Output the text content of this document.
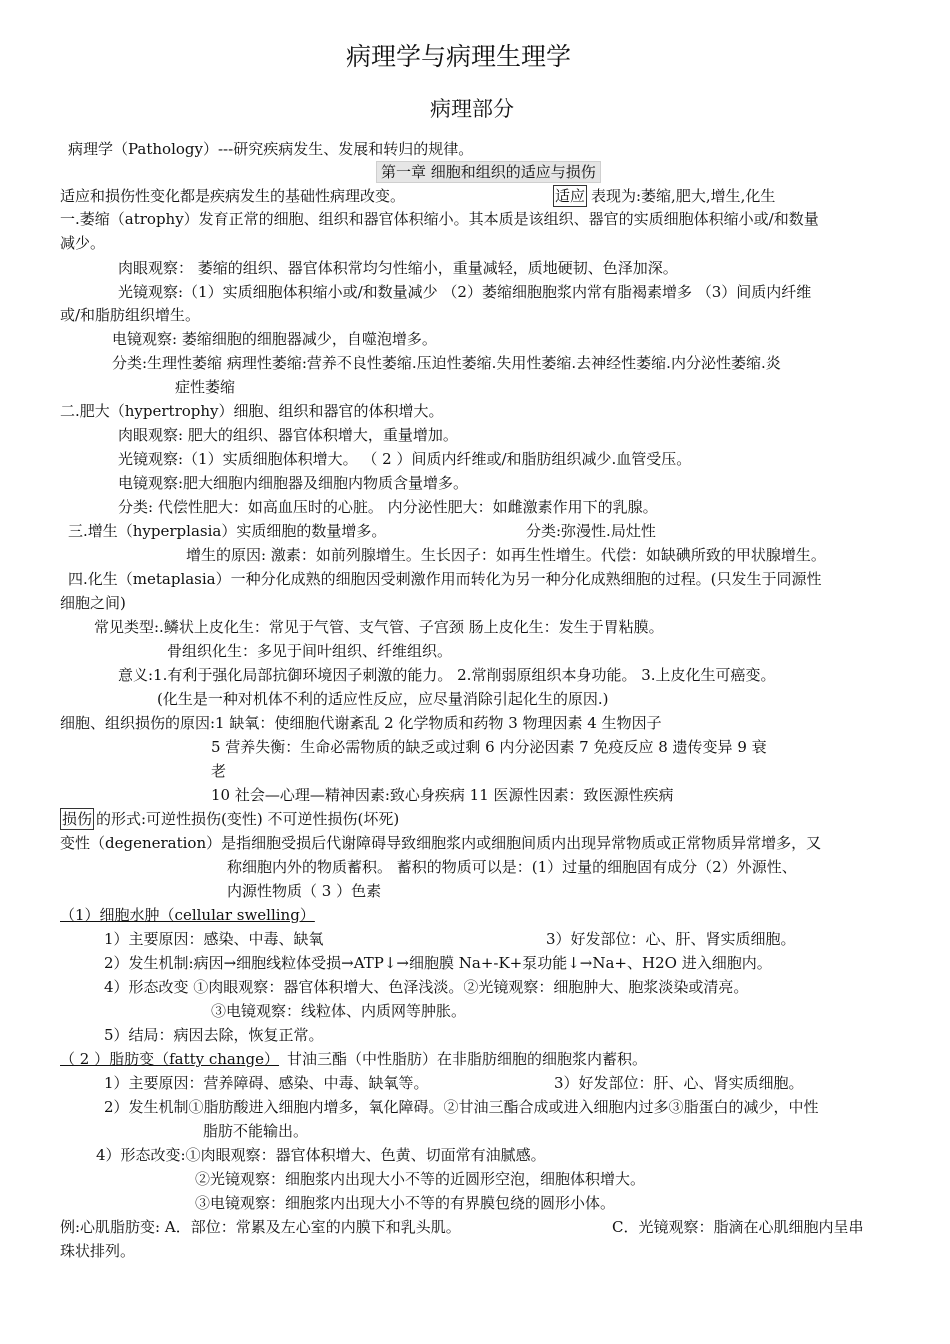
病理学与病理生理学
病理部分
病理学（Pathology）---研究疾病发生、发展和转归的规律。
第一章 细胞和组织的适应与损伤
适应和损伤性变化都是疾病发生的基础性病理改变。	适应 表现为:萎缩,肥大,增生,化生
一.萎缩（atrophy）发育正常的细胞、组织和器官体积缩小。其本质是该组织、器官的实质细胞体积缩小或/和数量
减少。
肉眼观察： 萎缩的组织、器官体积常均匀性缩小，重量减轻，质地硬韧、色泽加深。
光镜观察:（1）实质细胞体积缩小或/和数量减少 （2）萎缩细胞胞浆内常有脂褐素增多 （3）间质内纤维
或/和脂肪组织增生。
电镜观察: 萎缩细胞的细胞器减少，自噬泡增多。
分类:生理性萎缩 病理性萎缩:营养不良性萎缩.压迫性萎缩.失用性萎缩.去神经性萎缩.内分泌性萎缩.炎
症性萎缩
二.肥大（hypertrophy）细胞、组织和器官的体积增大。
肉眼观察: 肥大的组织、器官体积增大，重量增加。
光镜观察:（1）实质细胞体积增大。 （ 2 ）间质内纤维或/和脂肪组织减少.血管受压。
电镜观察:肥大细胞内细胞器及细胞内物质含量增多。
分类: 代偿性肥大：如高血压时的心脏。 内分泌性肥大：如雌激素作用下的乳腺。
三.增生（hyperplasia）实质细胞的数量增多。	分类:弥漫性.局灶性
增生的原因: 激素：如前列腺增生。生长因子：如再生性增生。代偿：如缺碘所致的甲状腺增生。
四.化生（metaplasia）一种分化成熟的细胞因受刺激作用而转化为另一种分化成熟细胞的过程。(只发生于同源性
细胞之间)
常见类型:.鳞状上皮化生：常见于气管、支气管、子宫颈 肠上皮化生：发生于胃粘膜。
骨组织化生：多见于间叶组织、纤维组织。
意义:1.有利于强化局部抗御环境因子刺激的能力。 2.常削弱原组织本身功能。 3.上皮化生可癌变。
(化生是一种对机体不利的适应性反应，应尽量消除引起化生的原因.)
细胞、组织损伤的原因:1 缺氧：使细胞代谢紊乱 2 化学物质和药物 3 物理因素 4 生物因子
5 营养失衡：生命必需物质的缺乏或过剩 6 内分泌因素 7 免疫反应 8 遗传变异 9 衰
老
10 社会—心理—精神因素:致心身疾病 11 医源性因素：致医源性疾病
损伤 的形式:可逆性损伤(变性) 不可逆性损伤(坏死)
变性（degeneration）是指细胞受损后代谢障碍导致细胞浆内或细胞间质内出现异常物质或正常物质异常增多，又
称细胞内外的物质蓄积。 蓄积的物质可以是：(1）过量的细胞固有成分（2）外源性、
内源性物质（ 3 ）色素
（1）细胞水肿（cellular swelling）
1）主要原因：感染、中毒、缺氧	3）好发部位：心、肝、肾实质细胞。
2）发生机制:病因→细胞线粒体受损→ATP↓→细胞膜 Na+-K+泵功能↓→Na+、H2O 进入细胞内。
4）形态改变 ①肉眼观察：器官体积增大、色泽浅淡。②光镜观察：细胞肿大、胞浆淡染或清亮。
③电镜观察：线粒体、内质网等肿胀。
5）结局：病因去除，恢复正常。
（ 2 ）脂肪变（fatty change） 甘油三酯（中性脂肪）在非脂肪细胞的细胞浆内蓄积。
1）主要原因：营养障碍、感染、中毒、缺氧等。	3）好发部位：肝、心、肾实质细胞。
2）发生机制①脂肪酸进入细胞内增多，氧化障碍。②甘油三酯合成或进入细胞内过多③脂蛋白的减少，中性
脂肪不能输出。
4）形态改变:①肉眼观察：器官体积增大、色黄、切面常有油腻感。
②光镜观察：细胞浆内出现大小不等的近圆形空泡，细胞体积增大。
③电镜观察：细胞浆内出现大小不等的有界膜包绕的圆形小体。
例:心肌脂肪变: A．部位：常累及左心室的内膜下和乳头肌。	C．光镜观察：脂滴在心肌细胞内呈串
珠状排列。
